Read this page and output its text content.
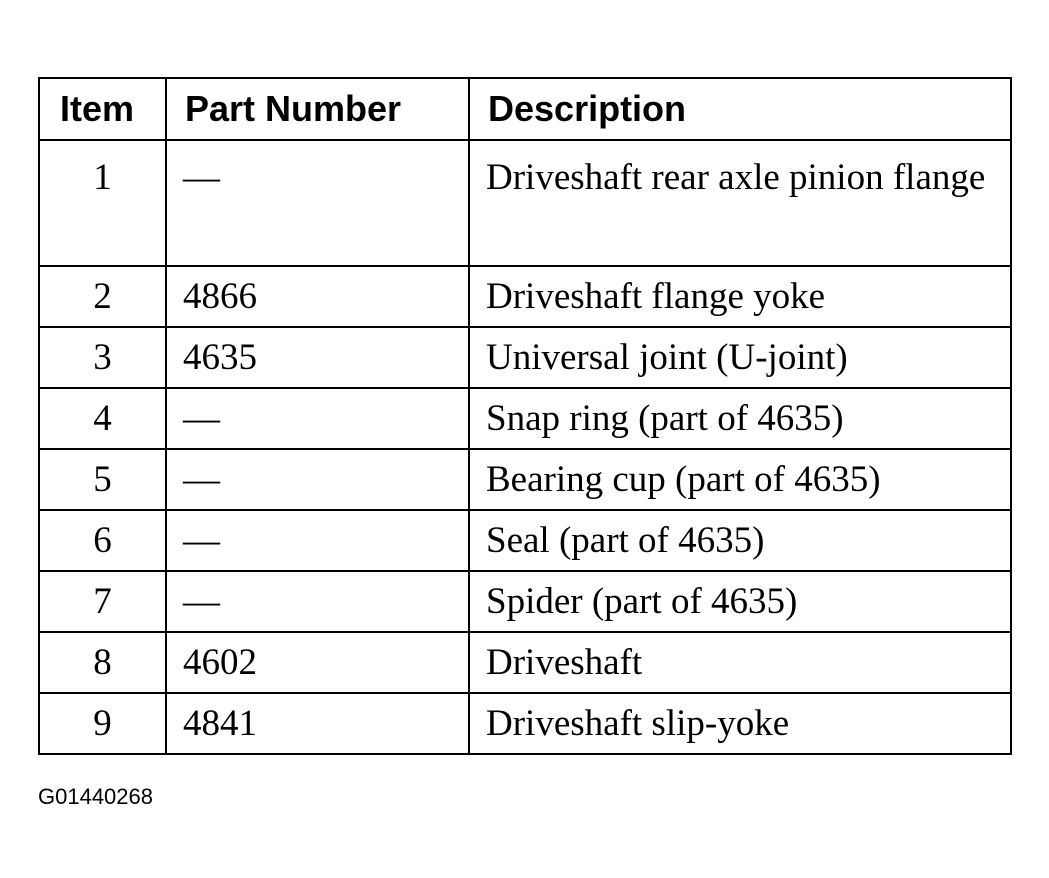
Item	Part Number	Description
1	—	Driveshaft rear axle pinion flange
2	4866	Driveshaft flange yoke
3	4635	Universal joint (U-joint)
4	—	Snap ring (part of 4635)
5	—	Bearing cup (part of 4635)
6	—	Seal (part of 4635)
7	—	Spider (part of 4635)
8	4602	Driveshaft
9	4841	Driveshaft slip-yoke
G01440268
